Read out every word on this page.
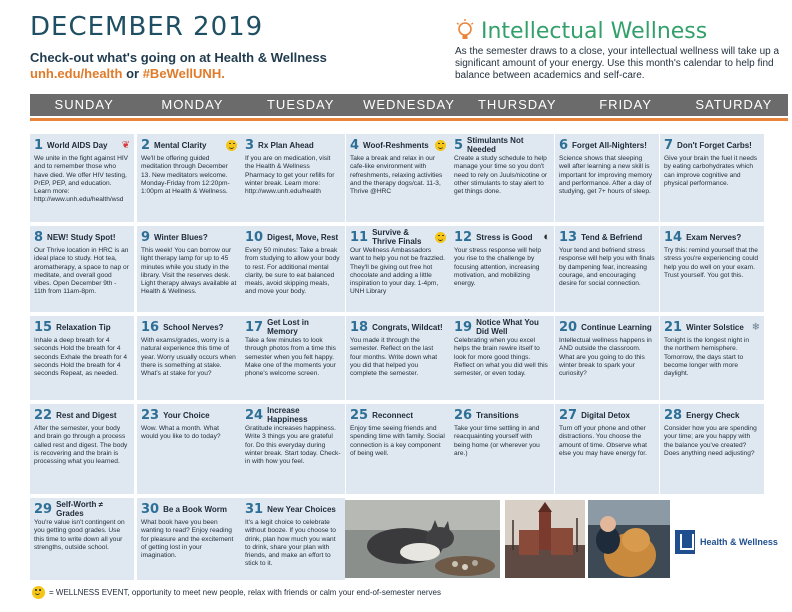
DECEMBER 2019
Check-out what's going on at Health & Wellness
unh.edu/health or #BeWellUNH.
Intellectual Wellness
As the semester draws to a close, your intellectual wellness will take up a significant amount of your energy. Use this month's calendar to help find balance between academics and self-care.
SUNDAY	MONDAY	TUESDAY	WEDNESDAY	THURSDAY	FRIDAY	SATURDAY
1 World AIDS Day	❦
We unite in the fight against HIV and to remember those who have died. We offer HIV testing, PrEP, PEP, and education. Learn more: http://www.unh.edu/health/wsd
2 Mental Clarity
We'll be offering guided meditation through December 13. New meditators welcome. Monday-Friday from 12:20pm-1:00pm at Health & Wellness.
3 Rx Plan Ahead
If you are on medication, visit the Health & Wellness Pharmacy to get your refills for winter break. Learn more: http://www.unh.edu/health
4 Woof-Reshments
Take a break and relax in our cafe-like environment with refreshments, relaxing activities and the therapy dogs/cat. 11-3, Thrive @HRC
5 Stimulants Not Needed
Create a study schedule to help manage your time so you don't need to rely on Juuls/nicotine or other stimulants to stay alert to get things done.
6 Forget All-Nighters!
Science shows that sleeping well after learning a new skill is important for improving memory and performance. After a day of studying, get 7+ hours of sleep.
7 Don't Forget Carbs!
Give your brain the fuel it needs by eating carbohydrates which can improve cognitive and physical performance.
8 NEW! Study Spot!
Our Thrive location in HRC is an ideal place to study. Hot tea, aromatherapy, a space to nap or meditate, and overall good vibes. Open December 9th - 11th from 11am-8pm.
9 Winter Blues?
This week! You can borrow our light therapy lamp for up to 45 minutes while you study in the library. Visit the reserves desk. Light therapy always available at Health & Wellness.
10 Digest, Move, Rest
Every 50 minutes: Take a break from studying to allow your body to rest. For additional mental clarity, be sure to eat balanced meals, avoid skipping meals, and move your body.
11 Survive & Thrive Finals
Our Wellness Ambassadors want to help you not be frazzled. They'll be giving out free hot chocolate and adding a little inspiration to your day. 1-4pm, UNH Library
12 Stress is Good ◐
Your stress response will help you rise to the challenge by focusing attention, increasing motivation, and mobilizing energy.
13 Tend & Befriend
Your tend and befriend stress response will help you with finals by dampening fear, increasing courage, and encouraging desire for social connection.
14 Exam Nerves?
Try this: remind yourself that the stress you're experiencing could help you do well on your exam. Trust yourself. You got this.
15 Relaxation Tip
Inhale a deep breath for 4 seconds Hold the breath for 4 seconds Exhale the breath for 4 seconds Hold the breath for 4 seconds Repeat, as needed.
16 School Nerves?
With exams/grades, worry is a natural experience this time of year. Worry usually occurs when there is something at stake. What's at stake for you?
17 Get Lost in Memory
Take a few minutes to look through photos from a time this semester when you felt happy. Make one of the moments your phone's welcome screen.
18 Congrats, Wildcat!
You made it through the semester. Reflect on the last four months. Write down what you did that helped you complete the semester.
19 Notice What You Did Well
Celebrating when you excel helps the brain rewire itself to look for more good things. Reflect on what you did well this semester, or even today.
20 Continue Learning
Intellectual wellness happens in AND outside the classroom. What are you going to do this winter break to spark your curiosity?
21 Winter Solstice ❄
Tonight is the longest night in the northern hemisphere. Tomorrow, the days start to become longer with more daylight.
22 Rest and Digest
After the semester, your body and brain go through a process called rest and digest. The body is recovering and the brain is processing what you learned.
23 Your Choice
Wow. What a month. What would you like to do today?
24 Increase Happiness
Gratitude increases happiness. Write 3 things you are grateful for. Do this everyday during winter break. Start today. Check-in with how you feel.
25 Reconnect
Enjoy time seeing friends and spending time with family. Social connection is a key component of being well.
26 Transitions
Take your time settling in and reacquainting yourself with being home (or wherever you are.)
27 Digital Detox
Turn off your phone and other distractions. You choose the amount of time. Observe what else you may have energy for.
28 Energy Check
Consider how you are spending your time; are you happy with the balance you've created? Does anything need adjusting?
29 Self-Worth ≠ Grades
You're value isn't contingent on you getting good grades. Use this time to write down all your strengths, outside school.
30 Be a Book Worm
What book have you been wanting to read? Enjoy reading for pleasure and the excitement of getting lost in your imagination.
31 New Year Choices
It's a legit choice to celebrate without booze. If you choose to drink, plan how much you want to drink, share your plan with friends, and make an effort to stick to it.
Health & Wellness
= WELLNESS EVENT, opportunity to meet new people, relax with friends or calm your end-of-semester nerves
